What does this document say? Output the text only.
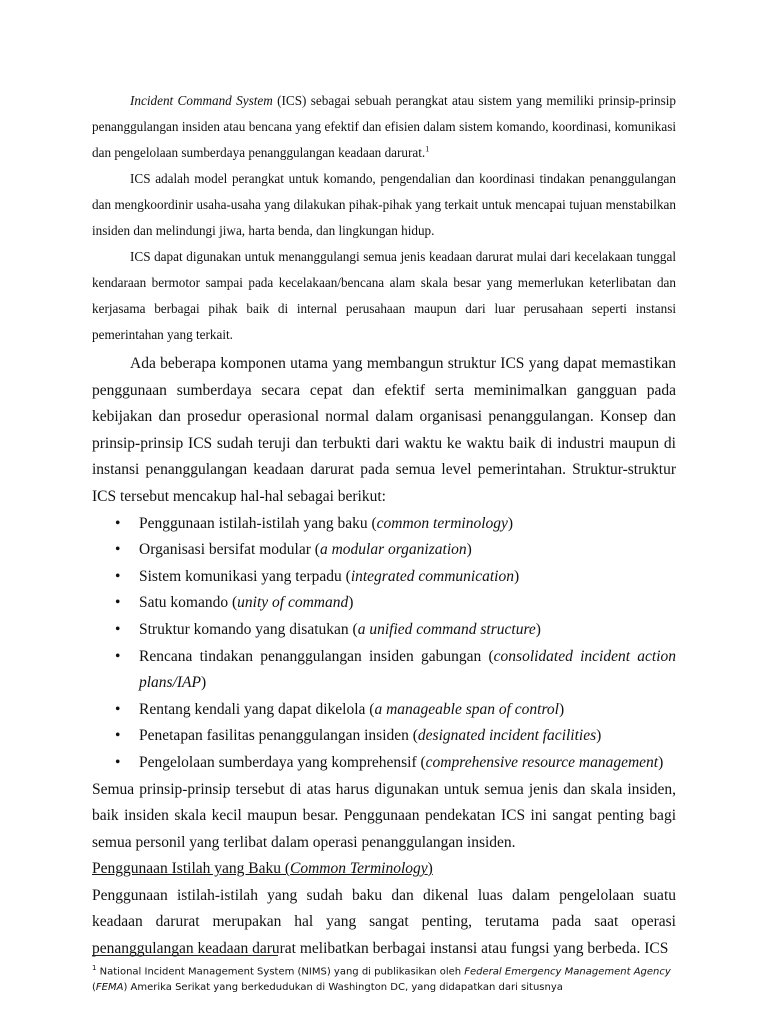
Incident Command System (ICS) sebagai sebuah perangkat atau sistem yang memiliki prinsip-prinsip penanggulangan insiden atau bencana yang efektif dan efisien dalam sistem komando, koordinasi, komunikasi dan pengelolaan sumberdaya penanggulangan keadaan darurat.$^1$

ICS adalah model perangkat untuk komando, pengendalian dan koordinasi tindakan penanggulangan dan mengkoordinir usaha-usaha yang dilakukan pihak-pihak yang terkait untuk mencapai tujuan menstabilkan insiden dan melindungi jiwa, harta benda, dan lingkungan hidup.

ICS dapat digunakan untuk menanggulangi semua jenis keadaan darurat mulai dari kecelakaan tunggal kendaraan bermotor sampai pada kecelakaan/bencana alam skala besar yang memerlukan keterlibatan dan kerjasama berbagai pihak baik di internal perusahaan maupun dari luar perusahaan seperti instansi pemerintahan yang terkait.

Ada beberapa komponen utama yang membangun struktur ICS yang dapat memastikan penggunaan sumberdaya secara cepat dan efektif serta meminimalkan gangguan pada kebijakan dan prosedur operasional normal dalam organisasi penanggulangan. Konsep dan prinsip-prinsip ICS sudah teruji dan terbukti dari waktu ke waktu baik di industri maupun di instansi penanggulangan keadaan darurat pada semua level pemerintahan. Struktur-struktur ICS tersebut mencakup hal-hal sebagai berikut:

• Penggunaan istilah-istilah yang baku (common terminology)
• Organisasi bersifat modular (a modular organization)
• Sistem komunikasi yang terpadu (integrated communication)
• Satu komando (unity of command)
• Struktur komando yang disatukan (a unified command structure)
• Rencana tindakan penanggulangan insiden gabungan (consolidated incident action plans/IAP)
• Rentang kendali yang dapat dikelola (a manageable span of control)
• Penetapan fasilitas penanggulangan insiden (designated incident facilities)
• Pengelolaan sumberdaya yang komprehensif (comprehensive resource management)

Semua prinsip-prinsip tersebut di atas harus digunakan untuk semua jenis dan skala insiden, baik insiden skala kecil maupun besar. Penggunaan pendekatan ICS ini sangat penting bagi semua personil yang terlibat dalam operasi penanggulangan insiden.

Penggunaan Istilah yang Baku (Common Terminology)

Penggunaan istilah-istilah yang sudah baku dan dikenal luas dalam pengelolaan suatu keadaan darurat merupakan hal yang sangat penting, terutama pada saat operasi penanggulangan keadaan darurat melibatkan berbagai instansi atau fungsi yang berbeda. ICS

$^1$ National Incident Management System (NIMS) yang di publikasikan oleh Federal Emergency Management Agency (FEMA) Amerika Serikat yang berkedudukan di Washington DC, yang didapatkan dari situsnya
